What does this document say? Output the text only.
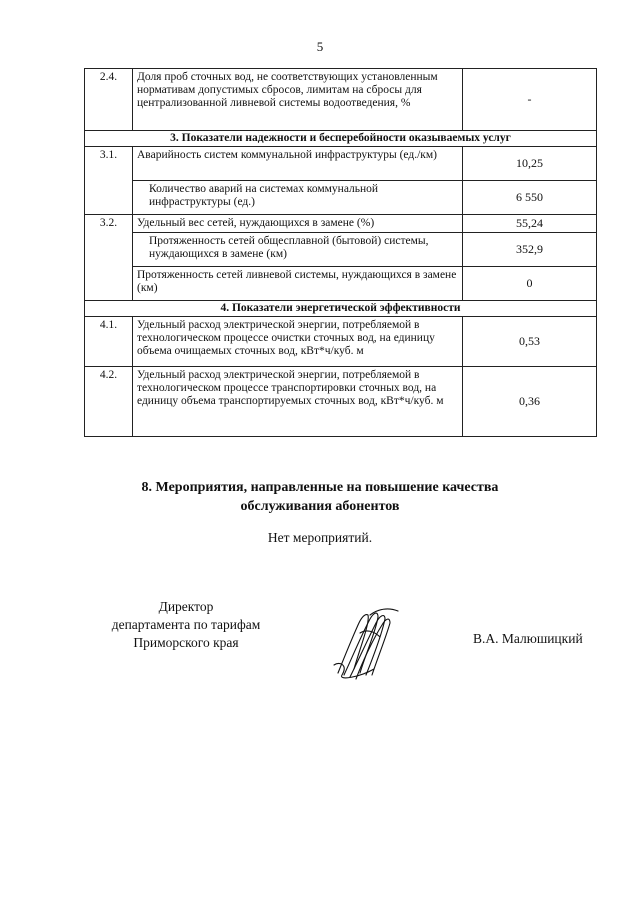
5
2.4.	Доля проб сточных вод, не соответствующих установленным нормативам допустимых сбросов, лимитам на сбросы для централизованной ливневой системы водоотведения, %	-
3. Показатели надежности и бесперебойности оказываемых услуг		
3.1.	Аварийность систем коммунальной инфраструктуры (ед./км)	10,25
	Количество аварий на системах коммунальной инфраструктуры (ед.)	6 550
3.2.	Удельный вес сетей, нуждающихся в замене (%)	55,24
	Протяженность сетей общесплавной (бытовой) системы, нуждающихся в замене (км)	352,9
	Протяженность сетей ливневой системы, нуждающихся в замене (км)	0
4. Показатели энергетической эффективности		
4.1.	Удельный расход электрической энергии, потребляемой в технологическом процессе очистки сточных вод, на единицу объема очищаемых сточных вод, кВт*ч/куб. м	0,53
4.2.	Удельный расход электрической энергии, потребляемой в технологическом процессе транспортировки сточных вод, на единицу объема транспортируемых сточных вод, кВт*ч/куб. м	0,36
8. Мероприятия, направленные на повышение качества
обслуживания абонентов
Нет мероприятий.
Директор
департамента по тарифам
Приморского края	В.А. Малюшицкий
